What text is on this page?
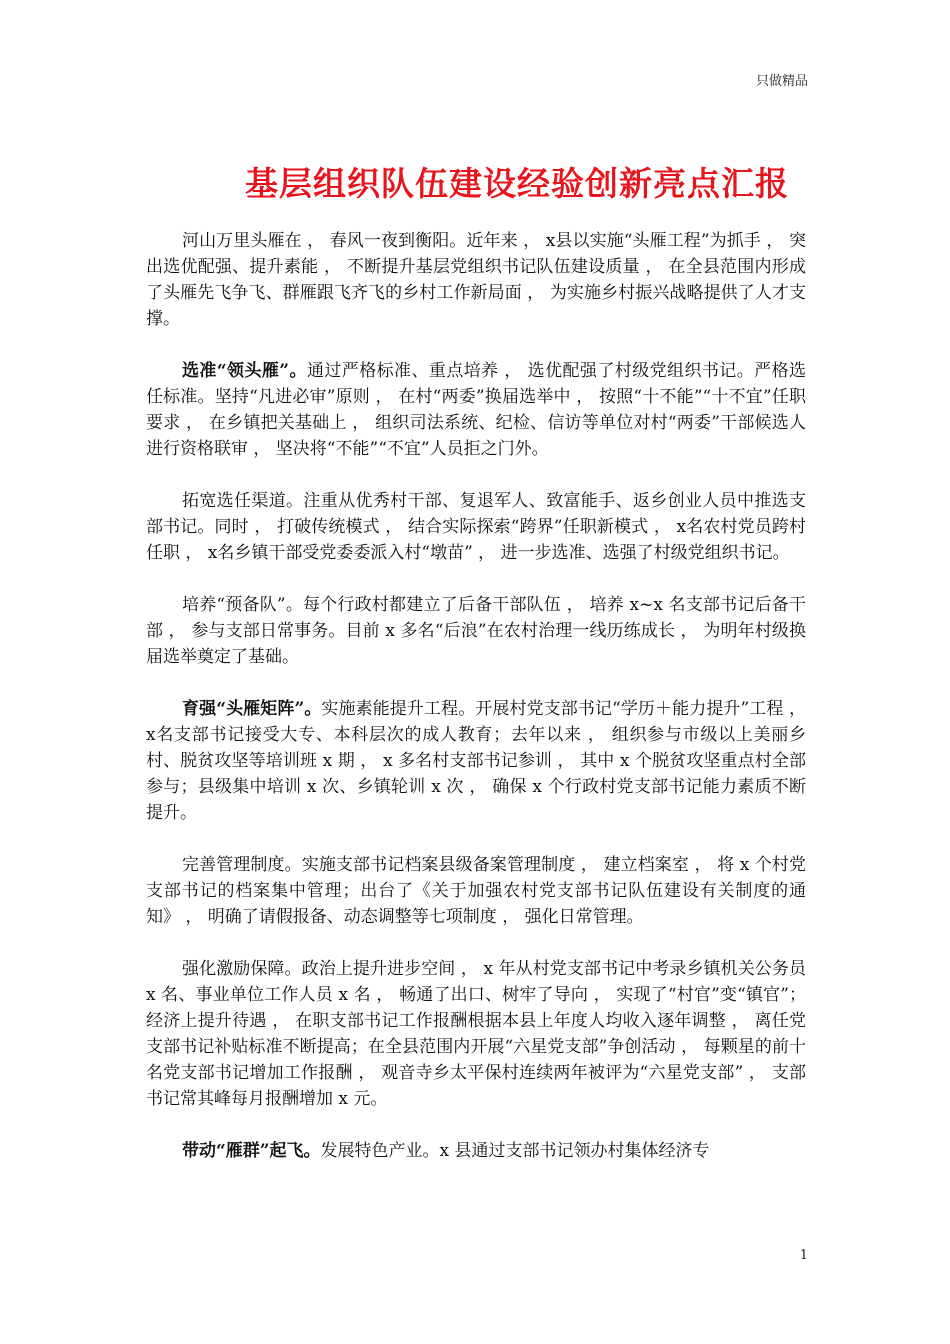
只做精品
基层组织队伍建设经验创新亮点汇报

河山万里头雁在 ， 春风一夜到衡阳。近年来 ， x县以实施“头雁工程”为抓手 ， 突出选优配强、提升素能 ， 不断提升基层党组织书记队伍建设质量 ， 在全县范围内形成了头雁先飞争飞、群雁跟飞齐飞的乡村工作新局面 ， 为实施乡村振兴战略提供了人才支撑。

选准“领头雁”。通过严格标准、重点培养 ， 选优配强了村级党组织书记。严格选任标准。坚持“凡进必审”原则 ， 在村“两委”换届选举中 ， 按照“十不能”“十不宜”任职要求 ， 在乡镇把关基础上 ， 组织司法系统、纪检、信访等单位对村“两委”干部候选人进行资格联审 ， 坚决将“不能”“不宜”人员拒之门外。

拓宽选任渠道。注重从优秀村干部、复退军人、致富能手、返乡创业人员中推选支部书记。同时 ， 打破传统模式 ， 结合实际探索“跨界”任职新模式 ， x名农村党员跨村任职 ， x名乡镇干部受党委委派入村“墩苗” ， 进一步选准、选强了村级党组织书记。

培养“预备队”。每个行政村都建立了后备干部队伍 ， 培养 x~x 名支部书记后备干部 ， 参与支部日常事务。目前 x 多名“后浪”在农村治理一线历练成长 ， 为明年村级换届选举奠定了基础。

育强“头雁矩阵”。实施素能提升工程。开展村党支部书记“学历＋能力提升”工程 ， x名支部书记接受大专、本科层次的成人教育；去年以来 ， 组织参与市级以上美丽乡村、脱贫攻坚等培训班 x 期 ， x 多名村支部书记参训 ， 其中 x 个脱贫攻坚重点村全部参与；县级集中培训 x 次、乡镇轮训 x 次 ， 确保 x 个行政村党支部书记能力素质不断提升。

完善管理制度。实施支部书记档案县级备案管理制度 ， 建立档案室 ， 将 x 个村党支部书记的档案集中管理；出台了《关于加强农村党支部书记队伍建设有关制度的通知》 ， 明确了请假报备、动态调整等七项制度 ， 强化日常管理。

强化激励保障。政治上提升进步空间 ， x 年从村党支部书记中考录乡镇机关公务员 x 名、事业单位工作人员 x 名 ， 畅通了出口、树牢了导向 ， 实现了“村官”变“镇官”；经济上提升待遇 ， 在职支部书记工作报酬根据本县上年度人均收入逐年调整 ， 离任党支部书记补贴标准不断提高；在全县范围内开展“六星党支部”争创活动 ， 每颗星的前十名党支部书记增加工作报酬 ， 观音寺乡太平保村连续两年被评为“六星党支部” ， 支部书记常其峰每月报酬增加 x 元。

带动“雁群”起飞。发展特色产业。x 县通过支部书记领办村集体经济专

1
